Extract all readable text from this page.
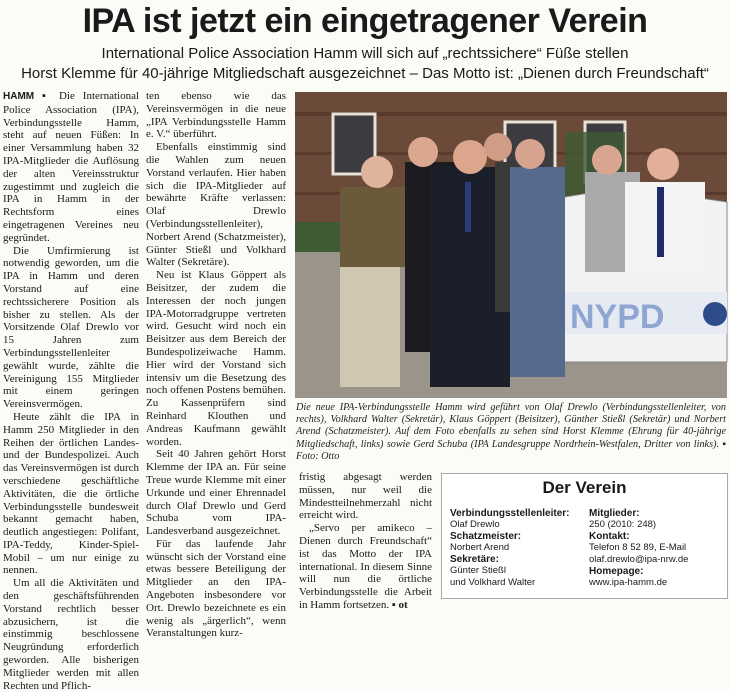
IPA ist jetzt ein eingetragener Verein

International Police Association Hamm will sich auf „rechtssichere“ Füße stellen

Horst Klemme für 40-jährige Mitgliedschaft ausgezeichnet – Das Motto ist: „Dienen durch Freundschaft“

HAMM ▪ Die International Police Association (IPA), Verbindungsstelle Hamm, steht auf neuen Füßen: In einer Versammlung haben 32 IPA-Mitglieder die Auflösung der alten Vereinsstruktur zugestimmt und zugleich die IPA in Hamm in der Rechtsform eines eingetragenen Vereines neu gegründet.

Die Umfirmierung ist notwendig geworden, um die IPA in Hamm und deren Vorstand auf eine rechtssicherere Position als bisher zu stellen. Als der Vorsitzende Olaf Drewlo vor 15 Jahren zum Verbindungsstellenleiter gewählt wurde, zählte die Vereinigung 155 Mitglieder mit einem geringen Vereinsvermögen.

Heute zählt die IPA in Hamm 250 Mitglieder in den Reihen der örtlichen Landes- und der Bundespolizei. Auch das Vereinsvermögen ist durch verschiedene geschäftliche Aktivitäten, die die örtliche Verbindungsstelle bundesweit bekannt gemacht haben, deutlich angestiegen: Polifant, IPA-Teddy, Kinder-Spiel-Mobil – um nur einige zu nennen.

Um all die Aktivitäten und den geschäftsführenden Vorstand rechtlich besser abzusichern, ist die einstimmig beschlossene Neugründung erforderlich geworden. Alle bisherigen Mitglieder werden mit allen Rechten und Pflich-

ten ebenso wie das Vereinsvermögen in die neue „IPA Verbindungsstelle Hamm e. V.“ überführt.

Ebenfalls einstimmig sind die Wahlen zum neuen Vorstand verlaufen. Hier haben sich die IPA-Mitglieder auf bewährte Kräfte verlassen: Olaf Drewlo (Verbindungsstellenleiter), Norbert Arend (Schatzmeister), Günter Stießl und Volkhard Walter (Sekretäre).

Neu ist Klaus Göppert als Beisitzer, der zudem die Interessen der noch jungen IPA-Motorradgruppe vertreten wird. Gesucht wird noch ein Beisitzer aus dem Bereich der Bundespolizeiwache Hamm. Hier wird der Vorstand sich intensiv um die Besetzung des noch offenen Postens bemühen. Zu Kassenprüfern sind Reinhard Klouthen und Andreas Kaufmann gewählt worden.

Seit 40 Jahren gehört Horst Klemme der IPA an. Für seine Treue wurde Klemme mit einer Urkunde und einer Ehrennadel durch Olaf Drewlo und Gerd Schuba vom IPA-Landesverband ausgezeichnet.

Für das laufende Jahr wünscht sich der Vorstand eine etwas bessere Beteiligung der Mitglieder an den IPA-Angeboten insbesondere vor Ort. Drewlo bezeichnete es ein wenig als „ärgerlich“, wenn Veranstaltungen kurz-

fristig abgesagt werden müssen, nur weil die Mindestteilnehmerzahl nicht erreicht wird.

„Servo per amikeco – Dienen durch Freundschaft“ ist das Motto der IPA international. In diesem Sinne will nun die örtliche Verbindungsstelle die Arbeit in Hamm fortsetzen. ▪ ot

NYPD
Die neue IPA-Verbindungsstelle Hamm wird geführt von Olaf Drewlo (Verbindungsstellenleiter, von rechts), Volkhard Walter (Sekretär), Klaus Göppert (Beisitzer), Günther Stießl (Sekretär) und Norbert Arend (Schatzmeister). Auf dem Foto ebenfalls zu sehen sind Horst Klemme (Ehrung für 40-jährige Mitgliedschaft, links) sowie Gerd Schuba (IPA Landesgruppe Nordrhein-Westfalen, Dritter von links). ▪ Foto: Otto
Der Verein
Verbindungsstellenleiter:
Olaf Drewlo
Schatzmeister:
Norbert Arend
Sekretäre:
Günter Stießl
und Volkhard Walter
Mitglieder:
250 (2010: 248)
Kontakt:
Telefon 8 52 89, E-Mail
olaf.drewlo@ipa-nrw.de
Homepage:
www.ipa-hamm.de
